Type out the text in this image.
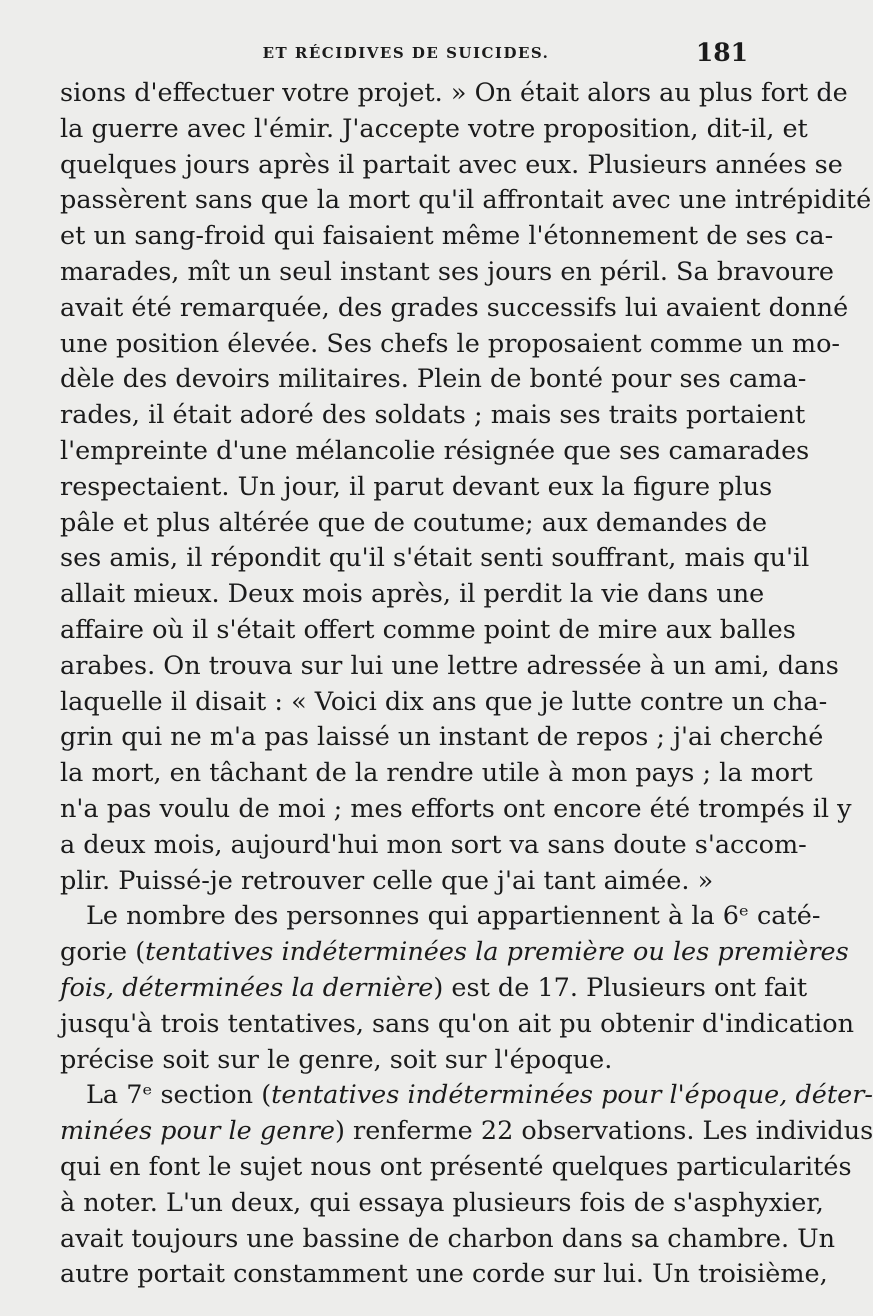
ET RÉCIDIVES DE SUICIDES.	181
sions d'effectuer votre projet. » On était alors au plus fort de
la guerre avec l'émir. J'accepte votre proposition, dit-il, et
quelques jours après il partait avec eux. Plusieurs années se
passèrent sans que la mort qu'il affrontait avec une intrépidité
et un sang-froid qui faisaient même l'étonnement de ses ca-
marades, mît un seul instant ses jours en péril. Sa bravoure
avait été remarquée, des grades successifs lui avaient donné
une position élevée. Ses chefs le proposaient comme un mo-
dèle des devoirs militaires. Plein de bonté pour ses cama-
rades, il était adoré des soldats ; mais ses traits portaient
l'empreinte d'une mélancolie résignée que ses camarades
respectaient. Un jour, il parut devant eux la figure plus
pâle et plus altérée que de coutume; aux demandes de
ses amis, il répondit qu'il s'était senti souffrant, mais qu'il
allait mieux. Deux mois après, il perdit la vie dans une
affaire où il s'était offert comme point de mire aux balles
arabes. On trouva sur lui une lettre adressée à un ami, dans
laquelle il disait : « Voici dix ans que je lutte contre un cha-
grin qui ne m'a pas laissé un instant de repos ; j'ai cherché
la mort, en tâchant de la rendre utile à mon pays ; la mort
n'a pas voulu de moi ; mes efforts ont encore été trompés il y
a deux mois, aujourd'hui mon sort va sans doute s'accom-
plir. Puissé-je retrouver celle que j'ai tant aimée. »
Le nombre des personnes qui appartiennent à la 6ᵉ caté-
gorie (tentatives indéterminées la première ou les premières
fois, déterminées la dernière) est de 17. Plusieurs ont fait
jusqu'à trois tentatives, sans qu'on ait pu obtenir d'indication
précise soit sur le genre, soit sur l'époque.
La 7ᵉ section (tentatives indéterminées pour l'époque, déter-
minées pour le genre) renferme 22 observations. Les individus
qui en font le sujet nous ont présenté quelques particularités
à noter. L'un deux, qui essaya plusieurs fois de s'asphyxier,
avait toujours une bassine de charbon dans sa chambre. Un
autre portait constamment une corde sur lui. Un troisième,
